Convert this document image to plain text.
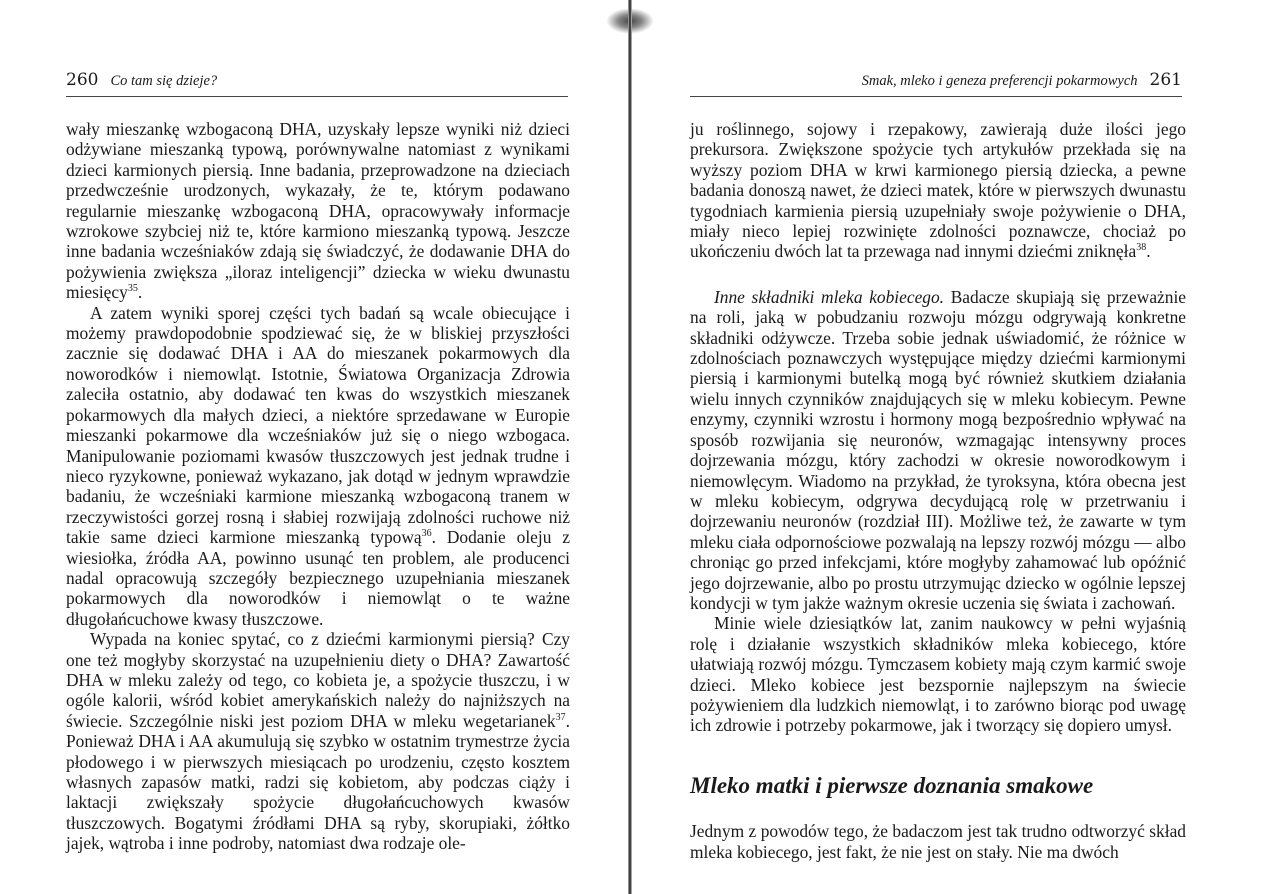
260 Co tam się dzieje?

wały mieszankę wzbogaconą DHA, uzyskały lepsze wyniki niż dzieci odżywiane mieszanką typową, porównywalne natomiast z wynikami dzieci karmionych piersią. Inne badania, przeprowadzone na dzieciach przedwcześnie urodzonych, wykazały, że te, którym podawano regularnie mieszankę wzbogaconą DHA, opracowywały informacje wzrokowe szybciej niż te, które karmiono mieszanką typową. Jeszcze inne badania wcześniaków zdają się świadczyć, że dodawanie DHA do pożywienia zwiększa „iloraz inteligencji” dziecka w wieku dwunastu miesięcy$^{35}$.

A zatem wyniki sporej części tych badań są wcale obiecujące i możemy prawdopodobnie spodziewać się, że w bliskiej przyszłości zacznie się dodawać DHA i AA do mieszanek pokarmowych dla noworodków i niemowląt. Istotnie, Światowa Organizacja Zdrowia zaleciła ostatnio, aby dodawać ten kwas do wszystkich mieszanek pokarmowych dla małych dzieci, a niektóre sprzedawane w Europie mieszanki pokarmowe dla wcześniaków już się o niego wzbogaca. Manipulowanie poziomami kwasów tłuszczowych jest jednak trudne i nieco ryzykowne, ponieważ wykazano, jak dotąd w jednym wprawdzie badaniu, że wcześniaki karmione mieszanką wzbogaconą tranem w rzeczywistości gorzej rosną i słabiej rozwijają zdolności ruchowe niż takie same dzieci karmione mieszanką typową$^{36}$. Dodanie oleju z wiesiołka, źródła AA, powinno usunąć ten problem, ale producenci nadal opracowują szczegóły bezpiecznego uzupełniania mieszanek pokarmowych dla noworodków i niemowląt o te ważne długołańcuchowe kwasy tłuszczowe.

Wypada na koniec spytać, co z dziećmi karmionymi piersią? Czy one też mogłyby skorzystać na uzupełnieniu diety o DHA? Zawartość DHA w mleku zależy od tego, co kobieta je, a spożycie tłuszczu, i w ogóle kalorii, wśród kobiet amerykańskich należy do najniższych na świecie. Szczególnie niski jest poziom DHA w mleku wegetarianek$^{37}$. Ponieważ DHA i AA akumulują się szybko w ostatnim trymestrze życia płodowego i w pierwszych miesiącach po urodzeniu, często kosztem własnych zapasów matki, radzi się kobietom, aby podczas ciąży i laktacji zwiększały spożycie długołańcuchowych kwasów tłuszczowych. Bogatymi źródłami DHA są ryby, skorupiaki, żółtko jajek, wątroba i inne podroby, natomiast dwa rodzaje ole-

Smak, mleko i geneza preferencji pokarmowych 261

ju roślinnego, sojowy i rzepakowy, zawierają duże ilości jego prekursora. Zwiększone spożycie tych artykułów przekłada się na wyższy poziom DHA w krwi karmionego piersią dziecka, a pewne badania donoszą nawet, że dzieci matek, które w pierwszych dwunastu tygodniach karmienia piersią uzupełniały swoje pożywienie o DHA, miały nieco lepiej rozwinięte zdolności poznawcze, chociaż po ukończeniu dwóch lat ta przewaga nad innymi dziećmi zniknęła$^{38}$.

Inne składniki mleka kobiecego. Badacze skupiają się przeważnie na roli, jaką w pobudzaniu rozwoju mózgu odgrywają konkretne składniki odżywcze. Trzeba sobie jednak uświadomić, że różnice w zdolnościach poznawczych występujące między dziećmi karmionymi piersią i karmionymi butelką mogą być również skutkiem działania wielu innych czynników znajdujących się w mleku kobiecym. Pewne enzymy, czynniki wzrostu i hormony mogą bezpośrednio wpływać na sposób rozwijania się neuronów, wzmagając intensywny proces dojrzewania mózgu, który zachodzi w okresie noworodkowym i niemowlęcym. Wiadomo na przykład, że tyroksyna, która obecna jest w mleku kobiecym, odgrywa decydującą rolę w przetrwaniu i dojrzewaniu neuronów (rozdział III). Możliwe też, że zawarte w tym mleku ciała odpornościowe pozwalają na lepszy rozwój mózgu — albo chroniąc go przed infekcjami, które mogłyby zahamować lub opóźnić jego dojrzewanie, albo po prostu utrzymując dziecko w ogólnie lepszej kondycji w tym jakże ważnym okresie uczenia się świata i zachowań.

Minie wiele dziesiątków lat, zanim naukowcy w pełni wyjaśnią rolę i działanie wszystkich składników mleka kobiecego, które ułatwiają rozwój mózgu. Tymczasem kobiety mają czym karmić swoje dzieci. Mleko kobiece jest bezspornie najlepszym na świecie pożywieniem dla ludzkich niemowląt, i to zarówno biorąc pod uwagę ich zdrowie i potrzeby pokarmowe, jak i tworzący się dopiero umysł.

Mleko matki i pierwsze doznania smakowe

Jednym z powodów tego, że badaczom jest tak trudno odtworzyć skład mleka kobiecego, jest fakt, że nie jest on stały. Nie ma dwóch
